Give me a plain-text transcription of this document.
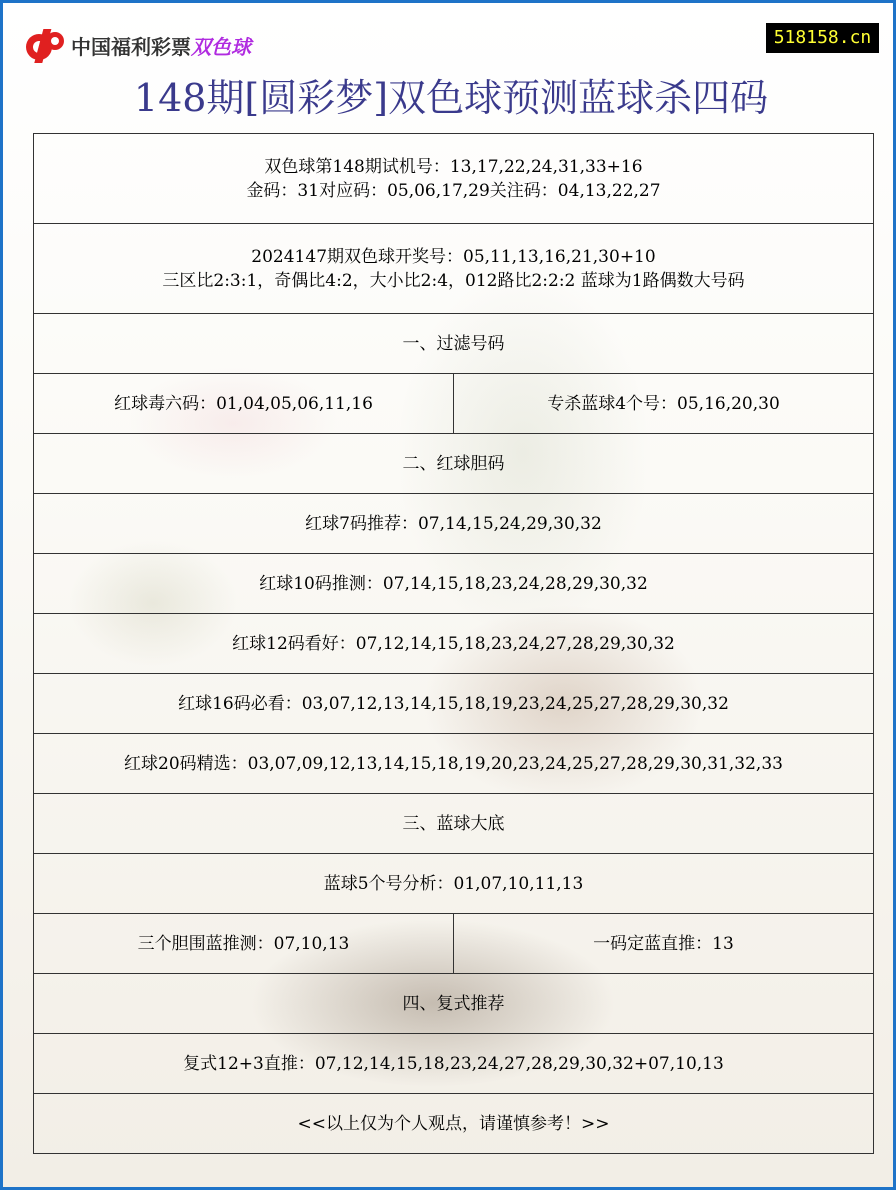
中国福利彩票双色球	518158.cn
148期[圆彩梦]双色球预测蓝球杀四码
双色球第148期试机号：13,17,22,24,31,33+16
金码：31对应码：05,06,17,29关注码：04,13,22,27	

2024147期双色球开奖号：05,11,13,16,21,30+10
三区比2:3:1，奇偶比4:2，大小比2:4，012路比2:2:2 蓝球为1路偶数大号码	

一、过滤号码	
红球毒六码：01,04,05,06,11,16	专杀蓝球4个号：05,16,20,30
二、红球胆码	
红球7码推荐：07,14,15,24,29,30,32	
红球10码推测：07,14,15,18,23,24,28,29,30,32	
红球12码看好：07,12,14,15,18,23,24,27,28,29,30,32	
红球16码必看：03,07,12,13,14,15,18,19,23,24,25,27,28,29,30,32	
红球20码精选：03,07,09,12,13,14,15,18,19,20,23,24,25,27,28,29,30,31,32,33	
三、蓝球大底	
蓝球5个号分析：01,07,10,11,13	
三个胆围蓝推测：07,10,13	一码定蓝直推：13
四、复式推荐	
复式12+3直推：07,12,14,15,18,23,24,27,28,29,30,32+07,10,13	
<<以上仅为个人观点，请谨慎参考！>>	
